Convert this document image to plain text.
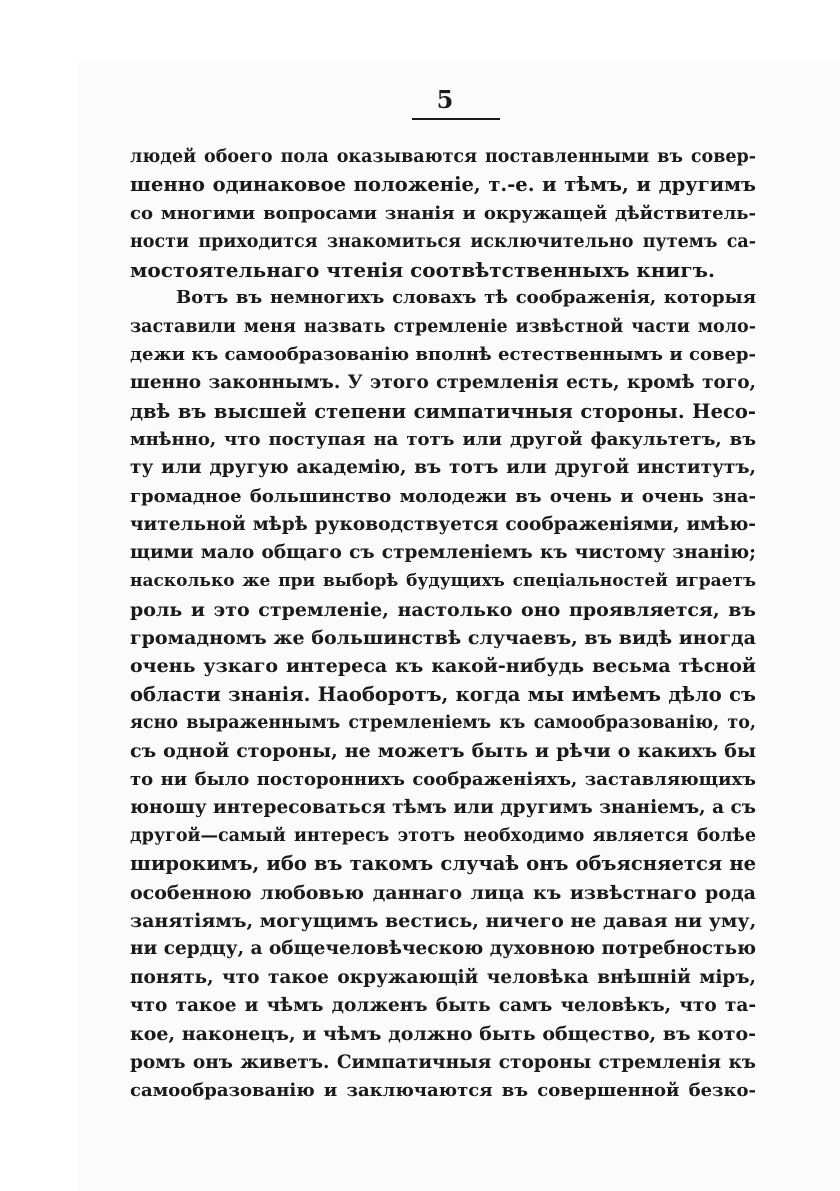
5
людей обоего пола оказываются поставленными въ совер-
шенно одинаковое положеніе, т.-е. и тѣмъ, и другимъ
со многими вопросами знанія и окружащей дѣйствитель-
ности приходится знакомиться исключительно путемъ са-
мостоятельнаго чтенія соотвѣтственныхъ книгъ.
Вотъ въ немногихъ словахъ тѣ соображенія, которыя
заставили меня назвать стремленіе извѣстной части моло-
дежи къ самообразованію вполнѣ естественнымъ и совер-
шенно законнымъ. У этого стремленія есть, кромѣ того,
двѣ въ высшей степени симпатичныя стороны. Несо-
мнѣнно, что поступая на тотъ или другой факультетъ, въ
ту или другую академію, въ тотъ или другой институтъ,
громадное большинство молодежи въ очень и очень зна-
чительной мѣрѣ руководствуется соображеніями, имѣю-
щими мало общаго съ стремленіемъ къ чистому знанію;
насколько же при выборѣ будущихъ спеціальностей играетъ
роль и это стремленіе, настолько оно проявляется, въ
громадномъ же большинствѣ случаевъ, въ видѣ иногда
очень узкаго интереса къ какой-нибудь весьма тѣсной
области знанія. Наоборотъ, когда мы имѣемъ дѣло съ
ясно выраженнымъ стремленіемъ къ самообразованію, то,
съ одной стороны, не можетъ быть и рѣчи о какихъ бы
то ни было постороннихъ соображеніяхъ, заставляющихъ
юношу интересоваться тѣмъ или другимъ знаніемъ, а съ
другой—самый интересъ этотъ необходимо является болѣе
широкимъ, ибо въ такомъ случаѣ онъ объясняется не
особенною любовью даннаго лица къ извѣстнаго рода
занятіямъ, могущимъ вестись, ничего не давая ни уму,
ни сердцу, а общечеловѣческою духовною потребностью
понять, что такое окружающій человѣка внѣшній міръ,
что такое и чѣмъ долженъ быть самъ человѣкъ, что та-
кое, наконецъ, и чѣмъ должно быть общество, въ кото-
ромъ онъ живетъ. Симпатичныя стороны стремленія къ
самообразованію и заключаются въ совершенной безко-
